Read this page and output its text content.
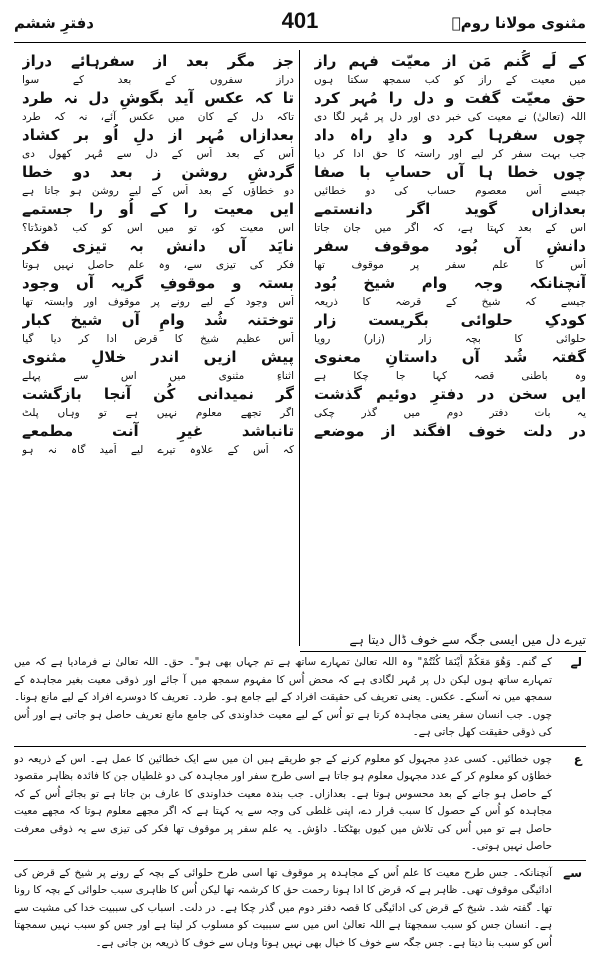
دفترِ ششم	401	مثنوی مولانا رومؒ
کے لَے گُنم مَن از معیّت فہم راز
میں معیت کے راز کو کب سمجھ سکتا ہوں
حق معیّت گفت و دل را مُہر کرد
اللہ (تعالیٰ) نے معیت کی خبر دی اور دل پر مُہر لگا دی
چوں سفرہا کرد و دادِ راہ داد
جب بہت سفر کر لیے اور راستہ کا حق ادا کر دیا
چوں خطا ہا آں حسابِ با صفا
جیسے اُس معصوم حساب کی دو خطائیں
بعدازاں گوید اگر دانستمے
اس کے بعد کہتا ہے، کہ اگر میں جان جاتا
دانشِ آں بُود موقوف سفر
اُس کا علم سفر پر موقوف تھا
آنچنانکہ وجہ وام شیخ بُود
جیسے کہ شیخ کے قرضہ کا ذریعہ
کودکِ حلوائی بگریست زار
حلوائی کا بچہ زار (زار) رویا
گفتہ شُد آں داستانِ معنوی
وہ باطنی قصہ کہا جا چکا ہے
ایں سخن در دفترِ دوئیم گذشت
یہ بات دفتر دوم میں گذر چکی
در دلت خوف افگند از موضعے
جز مگر بعد از سفرہائے دراز
دراز سفروں کے بعد کے سوا
تا کہ عکس آید بگوشِ دل نہ طرد
تاکہ دل کے کان میں عکس آئے، نہ کہ طرد
بعدازاں مُہر از دلِ اُو بر کشاد
اُس کے بعد اُس کے دل سے مُہر کھول دی
گردشِ روشن ز بعد دو خطا
دو خطاؤں کے بعد اُس کے لیے روشن ہو جاتا ہے
ایں معیت را کے اُو را جستمے
اس معیت کو، تو میں اس کو کب ڈھونڈتا؟
نایَد آں دانش بہ تیزی فکر
فکر کی تیزی سے، وہ علم حاصل نہیں ہوتا
بستہ و موقوفِ گریہ آں وجود
اُس وجود کے لیے رونے پر موقوف اور وابستہ تھا
توختنہ شُد وامِ آں شیخ کبار
اُس عظیم شیخ کا قرض ادا کر دیا گیا
پیش ازیں اندر خلالِ مثنوی
اثناءِ مثنوی میں اس سے پہلے
گر نمیدانی کُن آنجا بازگشت
اگر تجھے معلوم نہیں ہے تو وہاں پلٹ
تانباشد غیرِ آنت مطمعے
کہ اُس کے علاوہ تیرے لیے اُمید گاہ نہ ہو
تیرے دل میں ایسی جگہ سے خوف ڈال دیتا ہے
لے
کے گنم۔ وَھُوَ مَعَکُمْ أَیْنَمَا کُنْتُمْ" وہ اللہ تعالیٰ تمہارے ساتھ ہے تم جہاں بھی ہو"۔ حق۔ اللہ تعالیٰ نے فرمادیا ہے کہ میں تمہارے ساتھ ہوں لیکن دل پر مُہر لگادی ہے کہ محض اُس کا مفہوم سمجھ میں آ جائے اور ذوقی معیت بغیر مجاہدہ کے سمجھ میں نہ آسکے۔ عکس۔ یعنی تعریف کی حقیقت افراد کے لیے جامع ہو۔ طرد۔ تعریف کا دوسرے افراد کے لیے مانع ہونا۔ چوں۔ جب انسان سفر یعنی مجاہدہ کرتا ہے تو اُس کے لیے معیت خداوندی کی جامع مانع تعریف حاصل ہو جاتی ہے اور اُس کی ذوقی حقیقت کھل جاتی ہے۔
ع
چوں خطائیں۔ کسی عددِ مجہول کو معلوم کرنے کے جو طریقے ہیں ان میں سے ایک خطائین کا عمل ہے۔ اس کے ذریعہ دو خطاؤں کو معلوم کر کے عدد مجہول معلوم ہو جاتا ہے اسی طرح سفر اور مجاہدہ کی دو غلطیاں جن کا فائدہ بظاہر مقصود کے حاصل ہو جانے کے بعد محسوس ہوتا ہے۔ بعدازاں۔ جب بندہ معیت خداوندی کا عارف بن جاتا ہے تو بجائے اُس کے کہ مجاہدہ کو اُس کے حصول کا سبب قرار دے، اپنی غلطی کی وجہ سے یہ کہتا ہے کہ اگر مجھے معلوم ہوتا کہ مجھے معیت حاصل ہے تو میں اُس کی تلاش میں کیوں بھٹکتا۔ داؤش۔ یہ علم سفر پر موقوف تھا فکر کی تیزی سے یہ ذوقی معرفت حاصل نہیں ہوتی۔
سے
آنچنانکہ۔ جس طرح معیت کا علم اُس کے مجاہدہ پر موقوف تھا اسی طرح حلوائی کے بچہ کے رونے پر شیخ کے قرض کی ادائیگی موقوف تھی۔ ظاہر ہے کہ قرض کا ادا ہونا رحمت حق کا کرشمہ تھا لیکن اُس کا ظاہری سبب حلوائی کے بچہ کا رونا تھا۔ گفتہ شد۔ شیخ کے قرض کی ادائیگی کا قصہ دفتر دوم میں گذر چکا ہے۔ در دلت۔ اسباب کی سببیت خدا کی مشیت سے ہے۔ انسان جس کو سبب سمجھتا ہے اللہ تعالیٰ اس میں سے سببیت کو مسلوب کر لیتا ہے اور جس کو سبب نہیں سمجھتا اُس کو سبب بنا دیتا ہے۔ جس جگہ سے خوف کا خیال بھی نہیں ہوتا وہاں سے خوف کا ذریعہ بن جاتی ہے۔
